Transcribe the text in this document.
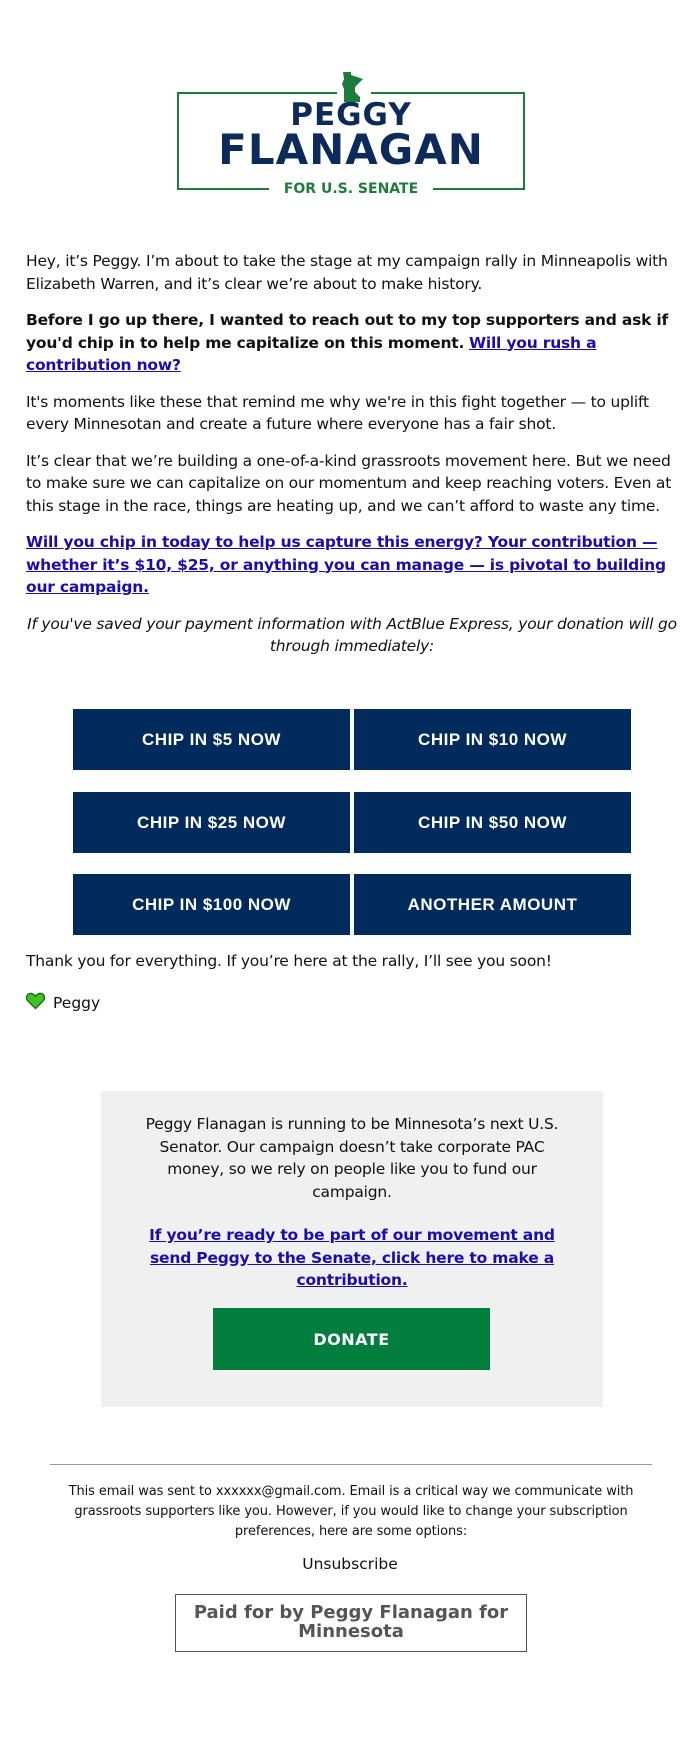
PEGGY
FLANAGAN
FOR U.S. SENATE

Hey, it’s Peggy. I’m about to take the stage at my campaign rally in Minneapolis with Elizabeth Warren, and it’s clear we’re about to make history.

Before I go up there, I wanted to reach out to my top supporters and ask if you'd chip in to help me capitalize on this moment. Will you rush a contribution now?

It's moments like these that remind me why we're in this fight together — to uplift every Minnesotan and create a future where everyone has a fair shot.

It’s clear that we’re building a one-of-a-kind grassroots movement here. But we need to make sure we can capitalize on our momentum and keep reaching voters. Even at this stage in the race, things are heating up, and we can’t afford to waste any time.

Will you chip in today to help us capture this energy? Your contribution — whether it’s $10, $25, or anything you can manage — is pivotal to building our campaign.

If you've saved your payment information with ActBlue Express, your donation will go through immediately:

CHIP IN $5 NOW	CHIP IN $10 NOW
CHIP IN $25 NOW	CHIP IN $50 NOW
CHIP IN $100 NOW	ANOTHER AMOUNT
Thank you for everything. If you’re here at the rally, I’ll see you soon!
Peggy
Peggy Flanagan is running to be Minnesota’s next U.S. Senator. Our campaign doesn’t take corporate PAC money, so we rely on people like you to fund our campaign.
If you’re ready to be part of our movement and send Peggy to the Senate, click here to make a contribution.
DONATE
This email was sent to xxxxxx@gmail.com. Email is a critical way we communicate with grassroots supporters like you. However, if you would like to change your subscription preferences, here are some options:
Unsubscribe
Paid for by Peggy Flanagan for Minnesota
